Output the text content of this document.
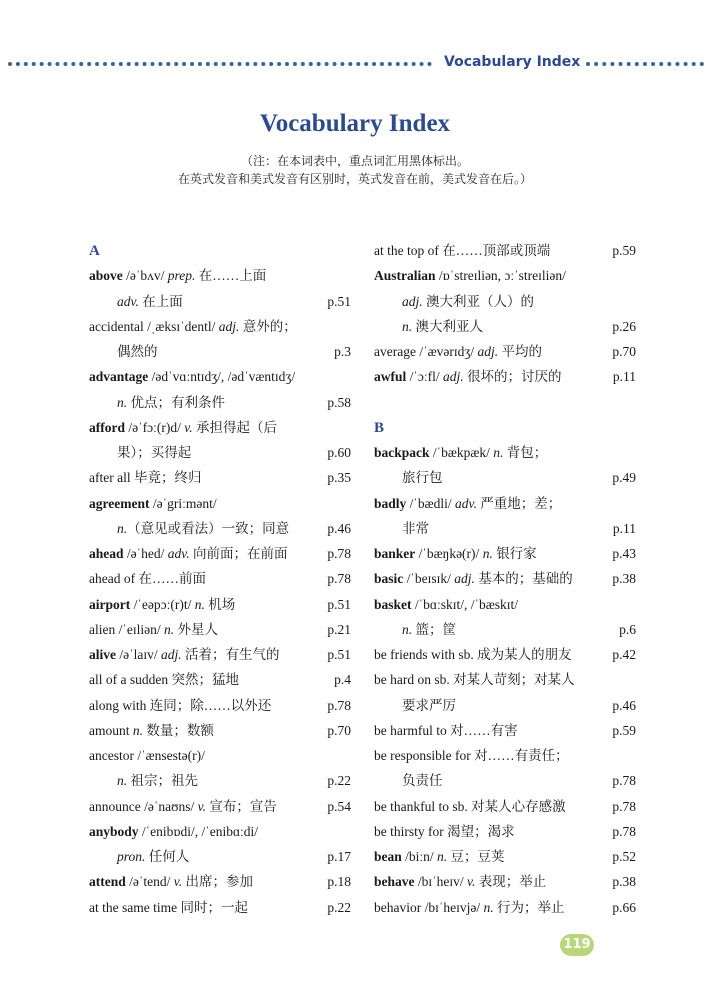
Vocabulary Index
Vocabulary Index
（注：在本词表中，重点词汇用黑体标出。
在英式发音和美式发音有区别时，英式发音在前，美式发音在后。）
A
above /əˈbʌv/ prep. 在……上面
adv. 在上面	p.51
accidental /ˌæksɪˈdentl/ adj. 意外的；
偶然的	p.3
advantage /ədˈvɑːntɪdʒ/, /ədˈvæntɪdʒ/
n. 优点；有利条件	p.58
afford /əˈfɔː(r)d/ v. 承担得起（后
果）；买得起	p.60
after all 毕竟；终归	p.35
agreement /əˈgriːmənt/
n.（意见或看法）一致；同意	p.46
ahead /əˈhed/ adv. 向前面；在前面	p.78
ahead of 在……前面	p.78
airport /ˈeəpɔː(r)t/ n. 机场	p.51
alien /ˈeɪliən/ n. 外星人	p.21
alive /əˈlaɪv/ adj. 活着；有生气的	p.51
all of a sudden 突然；猛地	p.4
along with 连同；除……以外还	p.78
amount n. 数量；数额	p.70
ancestor /ˈænsestə(r)/
n. 祖宗；祖先	p.22
announce /əˈnaʊns/ v. 宣布；宣告	p.54
anybody /ˈenibɒdi/, /ˈenibɑːdi/
pron. 任何人	p.17
attend /əˈtend/ v. 出席；参加	p.18
at the same time 同时；一起	p.22
at the top of 在……顶部或顶端	p.59
Australian /ɒˈstreɪliən, ɔːˈstreɪliən/
adj. 澳大利亚（人）的
n. 澳大利亚人	p.26
average /ˈævərɪdʒ/ adj. 平均的	p.70
awful /ˈɔːfl/ adj. 很坏的；讨厌的	p.11
B
backpack /ˈbækpæk/ n. 背包；
旅行包	p.49
badly /ˈbædli/ adv. 严重地；差；
非常	p.11
banker /ˈbæŋkə(r)/ n. 银行家	p.43
basic /ˈbeɪsɪk/ adj. 基本的；基础的	p.38
basket /ˈbɑːskɪt/, /ˈbæskɪt/
n. 篮；筐	p.6
be friends with sb. 成为某人的朋友	p.42
be hard on sb. 对某人苛刻；对某人
要求严厉	p.46
be harmful to 对……有害	p.59
be responsible for 对……有责任；
负责任	p.78
be thankful to sb. 对某人心存感激	p.78
be thirsty for 渴望；渴求	p.78
bean /biːn/ n. 豆；豆荚	p.52
behave /bɪˈheɪv/ v. 表现；举止	p.38
behavior /bɪˈheɪvjə/ n. 行为；举止	p.66
119
